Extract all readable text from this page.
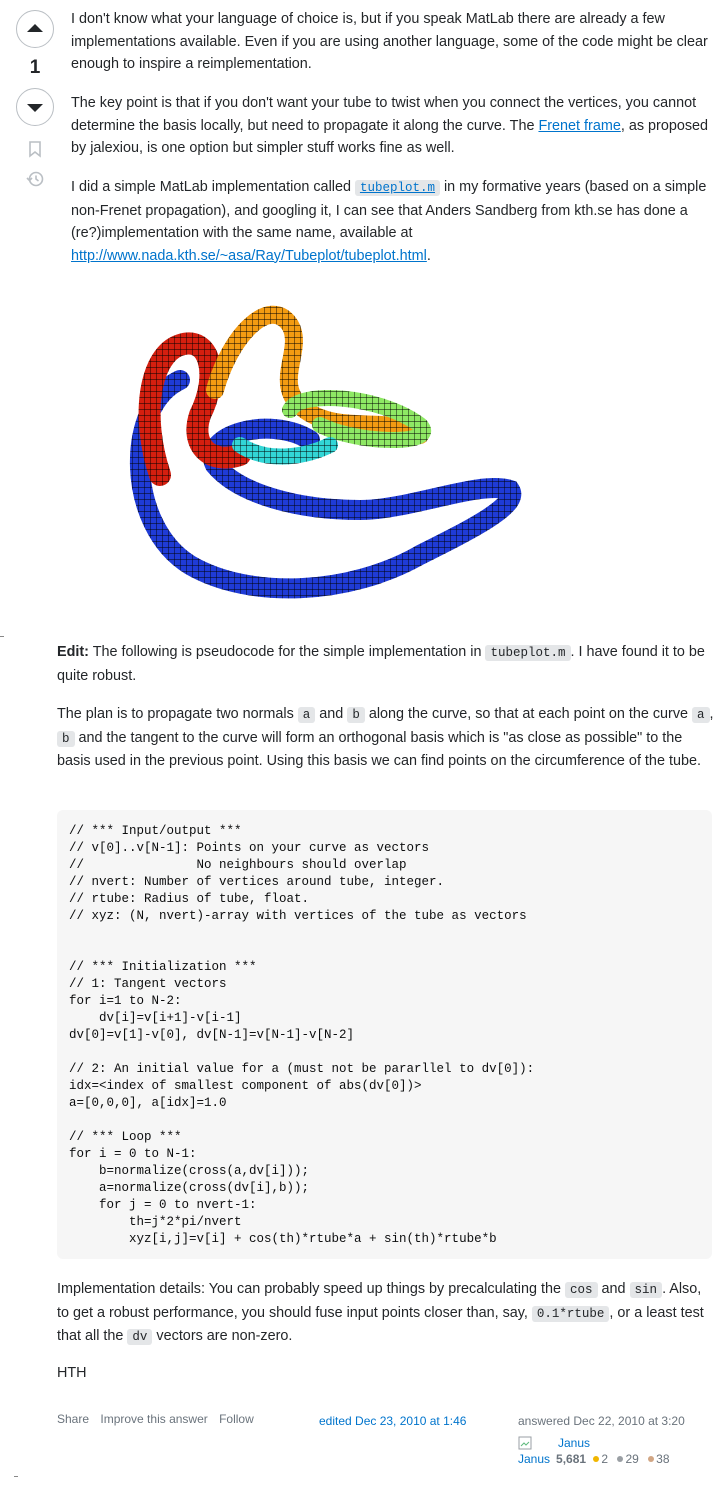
1

I don't know what your language of choice is, but if you speak MatLab there are already a few implementations available. Even if you are using another language, some of the code might be clear enough to inspire a reimplementation.

The key point is that if you don't want your tube to twist when you connect the vertices, you cannot determine the basis locally, but need to propagate it along the curve. The Frenet frame, as proposed by jalexiou, is one option but simpler stuff works fine as well.

I did a simple MatLab implementation called tubeplot.m in my formative years (based on a simple non-Frenet propagation), and googling it, I can see that Anders Sandberg from kth.se has done a (re?)implementation with the same name, available at http://www.nada.kth.se/~asa/Ray/Tubeplot/tubeplot.html.

Edit: The following is pseudocode for the simple implementation in tubeplot.m . I have found it to be quite robust.

The plan is to propagate two normals a and b along the curve, so that at each point on the curve a , b and the tangent to the curve will form an orthogonal basis which is "as close as possible" to the basis used in the previous point. Using this basis we can find points on the circumference of the tube.

// *** Input/output ***
// v[0]..v[N-1]: Points on your curve as vectors
//               No neighbours should overlap
// nvert: Number of vertices around tube, integer.
// rtube: Radius of tube, float.
// xyz: (N, nvert)-array with vertices of the tube as vectors

// *** Initialization ***
// 1: Tangent vectors
for i=1 to N-2:
dv[i]=v[i+1]-v[i-1]
dv[0]=v[1]-v[0], dv[N-1]=v[N-1]-v[N-2]

// 2: An initial value for a (must not be pararllel to dv[0]):
idx=<index of smallest component of abs(dv[0])>
a=[0,0,0], a[idx]=1.0

// *** Loop ***
for i = 0 to N-1:
b=normalize(cross(a,dv[i]));
a=normalize(cross(dv[i],b));
for j = 0 to nvert-1:
th=j*2*pi/nvert
xyz[i,j]=v[i] + cos(th)*rtube*a + sin(th)*rtube*b

Implementation details: You can probably speed up things by precalculating the cos and sin . Also, to get a robust performance, you should fuse input points closer than, say, 0.1*rtube , or a least test that all the dv vectors are non-zero.

HTH

Share Improve this answer Follow	edited Dec 23, 2010 at 1:46	answered Dec 22, 2010 at 3:20
Janus
Janus 5,681 2 29 38
